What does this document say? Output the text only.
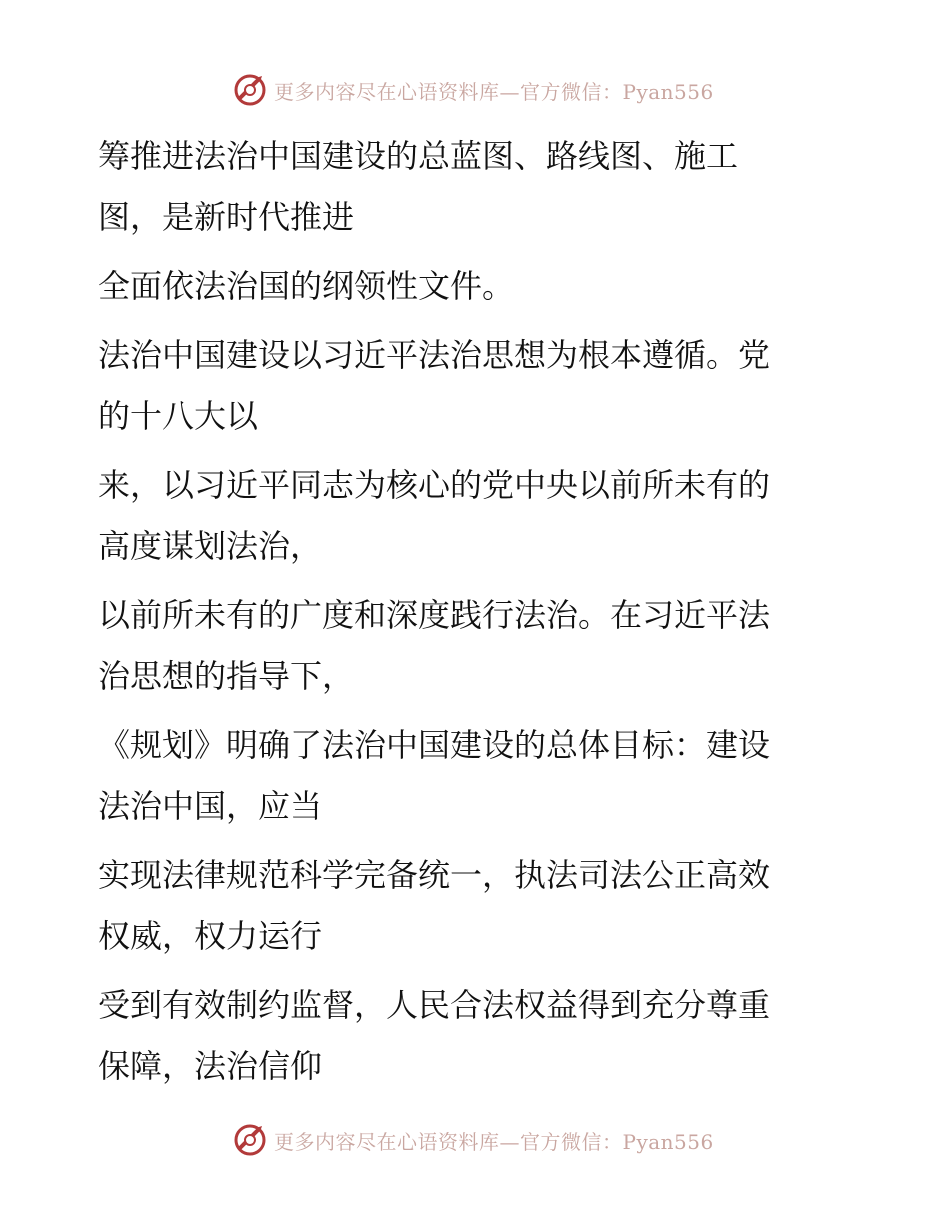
更多内容尽在心语资料库—官方微信：Pyan556
筹推进法治中国建设的总蓝图、路线图、施工
图，是新时代推进
全面依法治国的纲领性文件。
法治中国建设以习近平法治思想为根本遵循。党
的十八大以
来，以习近平同志为核心的党中央以前所未有的
高度谋划法治，
以前所未有的广度和深度践行法治。在习近平法
治思想的指导下，
《规划》明确了法治中国建设的总体目标：建设
法治中国，应当
实现法律规范科学完备统一，执法司法公正高效
权威，权力运行
受到有效制约监督，人民合法权益得到充分尊重
保障，法治信仰
更多内容尽在心语资料库—官方微信：Pyan556
